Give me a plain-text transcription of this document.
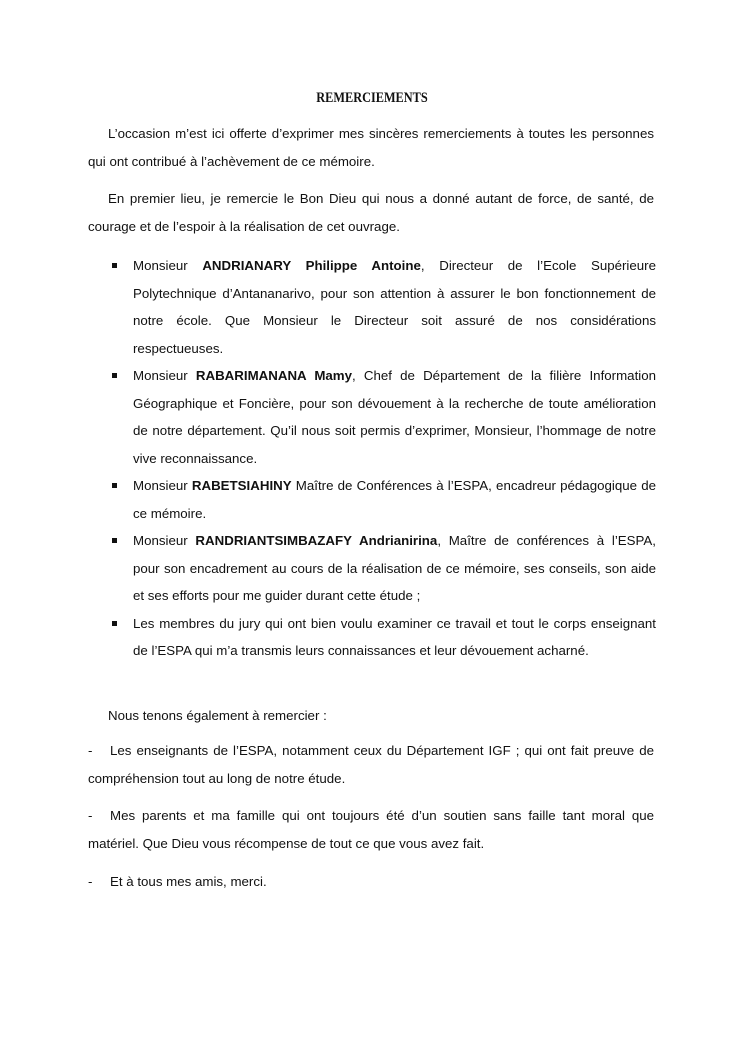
REMERCIEMENTS
L’occasion m’est ici offerte d’exprimer mes sincères remerciements à toutes les personnes qui ont contribué à l’achèvement de ce mémoire.
En premier lieu, je remercie le Bon Dieu qui nous a donné autant de force, de santé, de courage et de l’espoir à la réalisation de cet ouvrage.
Monsieur ANDRIANARY Philippe Antoine, Directeur de l’Ecole Supérieure Polytechnique d’Antananarivo, pour son attention à assurer le bon fonctionnement de notre école. Que Monsieur le Directeur soit assuré de nos considérations respectueuses.
Monsieur RABARIMANANA Mamy, Chef de Département de la filière Information Géographique et Foncière, pour son dévouement à la recherche de toute amélioration de notre département. Qu’il nous soit permis d’exprimer, Monsieur, l’hommage de notre vive reconnaissance.
Monsieur RABETSIAHINY Maître de Conférences à l’ESPA, encadreur pédagogique de ce mémoire.
Monsieur RANDRIANTSIMBAZAFY Andrianirina, Maître de conférences à l’ESPA, pour son encadrement au cours de la réalisation de ce mémoire, ses conseils, son aide et ses efforts pour me guider durant cette étude ;
Les membres du jury qui ont bien voulu examiner ce travail et tout le corps enseignant de l’ESPA qui m’a transmis leurs connaissances et leur dévouement acharné.
Nous tenons également à remercier :
- Les enseignants de l’ESPA, notamment ceux du Département IGF ; qui ont fait preuve de compréhension tout au long de notre étude.
- Mes parents et ma famille qui ont toujours été d’un soutien sans faille tant moral que matériel. Que Dieu vous récompense de tout ce que vous avez fait.
- Et à tous mes amis, merci.
